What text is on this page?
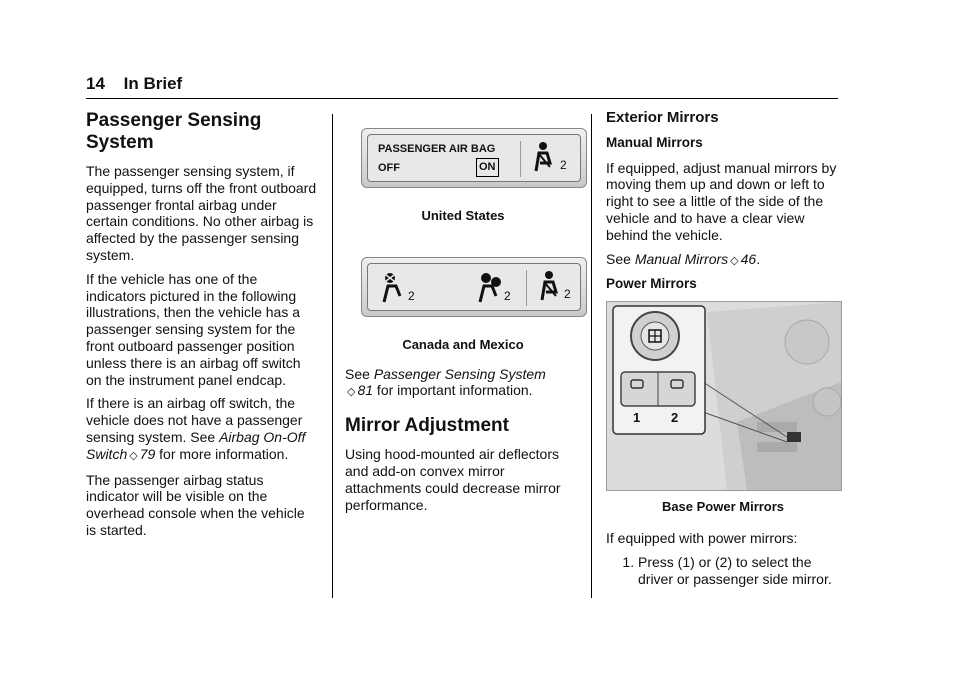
14 In Brief
Passenger Sensing
System

The passenger sensing system, if equipped, turns off the front outboard passenger frontal airbag under certain conditions. No other airbag is affected by the passenger sensing system.

If the vehicle has one of the indicators pictured in the following illustrations, then the vehicle has a passenger sensing system for the front outboard passenger position unless there is an airbag off switch on the instrument panel endcap.

If there is an airbag off switch, the vehicle does not have a passenger sensing system. See Airbag On-Off Switch ◇ 79 for more information.

The passenger airbag status indicator will be visible on the overhead console when the vehicle is started.

PASSENGER AIR BAG
OFF	ON	2
United States
2	2	2
Canada and Mexico

See Passenger Sensing System
◇ 81 for important information.

Mirror Adjustment

Using hood-mounted air deflectors and add-on convex mirror attachments could decrease mirror performance.

Exterior Mirrors
Manual Mirrors

If equipped, adjust manual mirrors by moving them up and down or left to right to see a little of the side of the vehicle and to have a clear view behind the vehicle.

See Manual Mirrors ◇ 46.

Power Mirrors
1 2
Base Power Mirrors

If equipped with power mirrors:

1. Press (1) or (2) to select the driver or passenger side mirror.
